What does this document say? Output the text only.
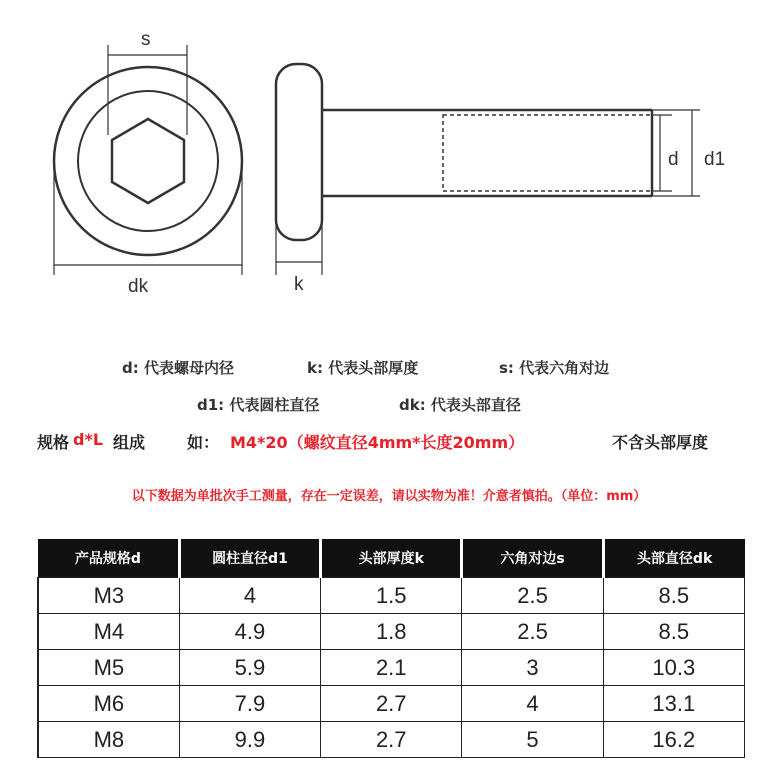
s
dk	k
d d1
d: 代表螺母内径	k: 代表头部厚度	s: 代表六角对边
d1: 代表圆柱直径	dk: 代表头部直径
规格 d*L 组成	如： M4*20（螺纹直径4mm*长度20mm）	不含头部厚度
以下数据为单批次手工测量，存在一定误差，请以实物为准！介意者慎拍。（单位：mm）
产品规格d	圆柱直径d1	头部厚度k	六角对边s	头部直径dk
M3	4	1.5	2.5	8.5
M4	4.9	1.8	2.5	8.5
M5	5.9	2.1	3	10.3
M6	7.9	2.7	4	13.1
M8	9.9	2.7	5	16.2
